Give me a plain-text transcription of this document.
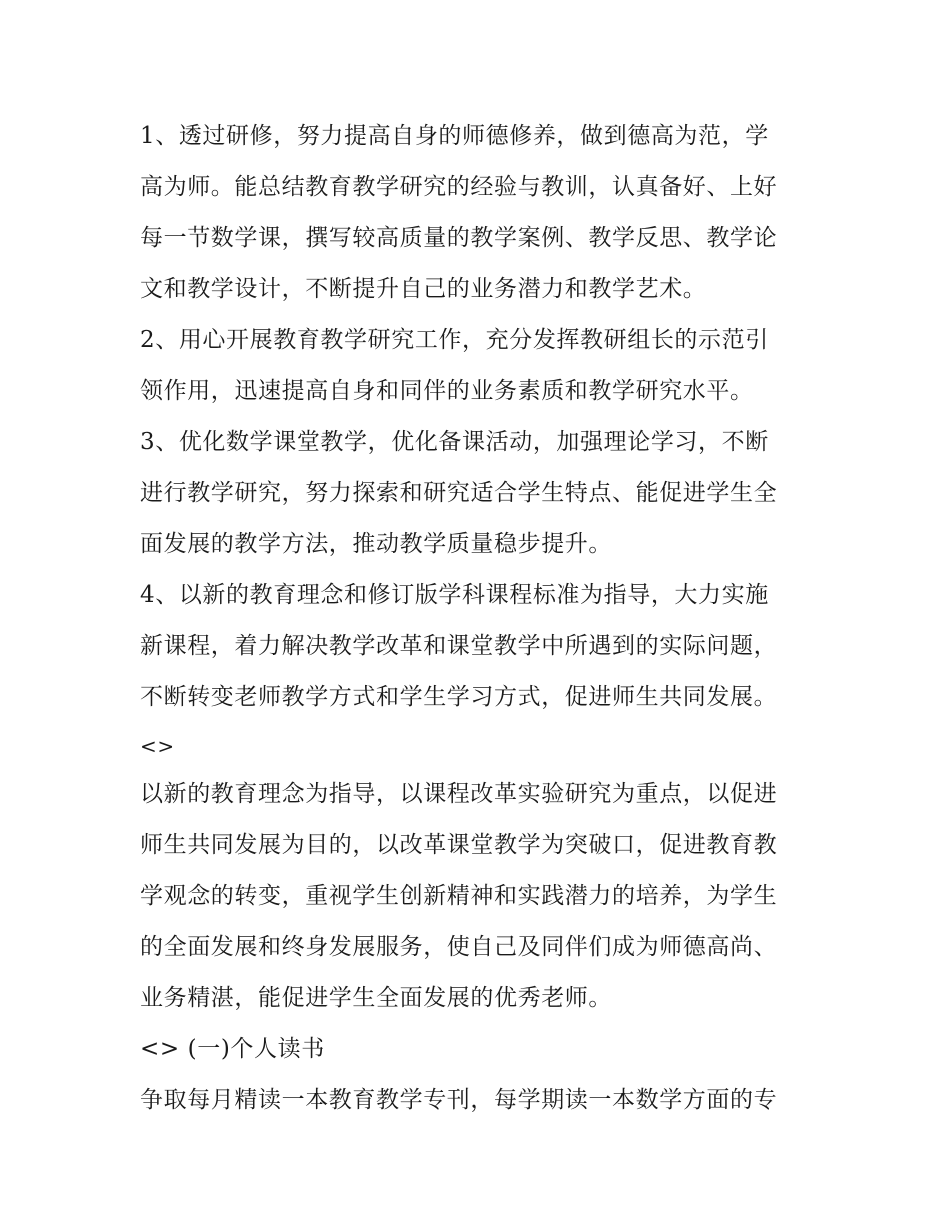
1、透过研修，努力提高自身的师德修养，做到德高为范，学
高为师。能总结教育教学研究的经验与教训，认真备好、上好
每一节数学课，撰写较高质量的教学案例、教学反思、教学论
文和教学设计，不断提升自己的业务潜力和教学艺术。
2、用心开展教育教学研究工作，充分发挥教研组长的示范引
领作用，迅速提高自身和同伴的业务素质和教学研究水平。
3、优化数学课堂教学，优化备课活动，加强理论学习，不断
进行教学研究，努力探索和研究适合学生特点、能促进学生全
面发展的教学方法，推动教学质量稳步提升。
4、以新的教育理念和修订版学科课程标准为指导，大力实施
新课程，着力解决教学改革和课堂教学中所遇到的实际问题，
不断转变老师教学方式和学生学习方式，促进师生共同发展。
<>
以新的教育理念为指导，以课程改革实验研究为重点，以促进
师生共同发展为目的，以改革课堂教学为突破口，促进教育教
学观念的转变，重视学生创新精神和实践潜力的培养，为学生
的全面发展和终身发展服务，使自己及同伴们成为师德高尚、
业务精湛，能促进学生全面发展的优秀老师。
<> (一)个人读书
争取每月精读一本教育教学专刊，每学期读一本数学方面的专
